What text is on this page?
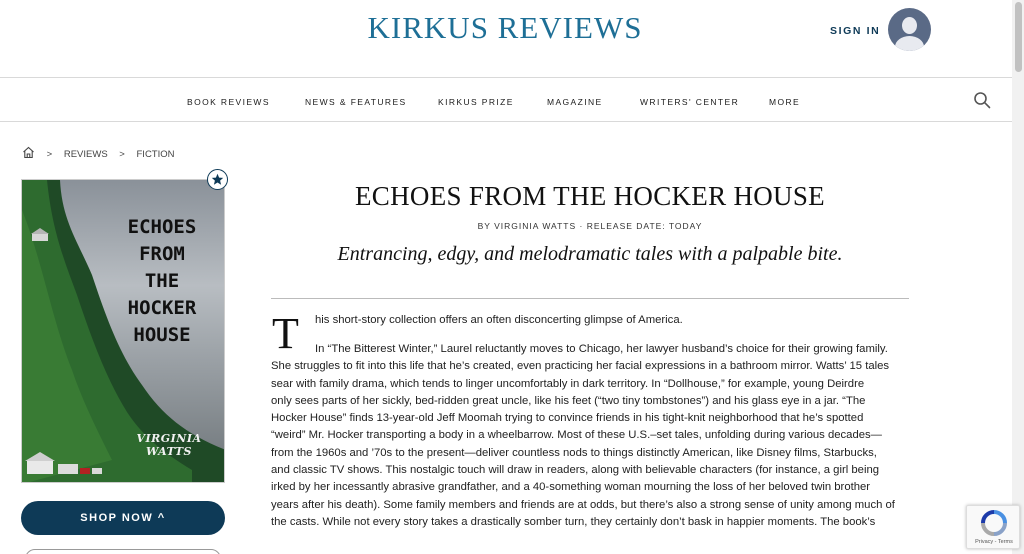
KIRKUS REVIEWS	SIGN IN
BOOK REVIEWS	NEWS & FEATURES	KIRKUS PRIZE	MAGAZINE	WRITERS' CENTER	MORE
> REVIEWS > FICTION
ECHOES
FROM
THE
HOCKER
HOUSE
VIRGINIA WATTS
SHOP NOW ^
ECHOES FROM THE HOCKER HOUSE
BY VIRGINIA WATTS · RELEASE DATE: TODAY
Entrancing, edgy, and melodramatic tales with a palpable bite.
T his short-story collection offers an often disconcerting glimpse of America.
In “The Bitterest Winter,” Laurel reluctantly moves to Chicago, her lawyer husband’s choice for their growing family.
She struggles to fit into this life that he’s created, even practicing her facial expressions in a bathroom mirror. Watts’ 15 tales
sear with family drama, which tends to linger uncomfortably in dark territory. In “Dollhouse,” for example, young Deirdre
only sees parts of her sickly, bed-ridden great uncle, like his feet (“two tiny tombstones”) and his glass eye in a jar. “The
Hocker House” finds 13-year-old Jeff Moomah trying to convince friends in his tight-knit neighborhood that he’s spotted
“weird” Mr. Hocker transporting a body in a wheelbarrow. Most of these U.S.–set tales, unfolding during various decades—
from the 1960s and ’70s to the present—deliver countless nods to things distinctly American, like Disney films, Starbucks,
and classic TV shows. This nostalgic touch will draw in readers, along with believable characters (for instance, a girl being
irked by her incessantly abrasive grandfather, and a 40-something woman mourning the loss of her beloved twin brother
years after his death). Some family members and friends are at odds, but there’s also a strong sense of unity among much of
the casts. While not every story takes a drastically somber turn, they certainly don’t bask in happier moments. The book’s
Privacy - Terms
